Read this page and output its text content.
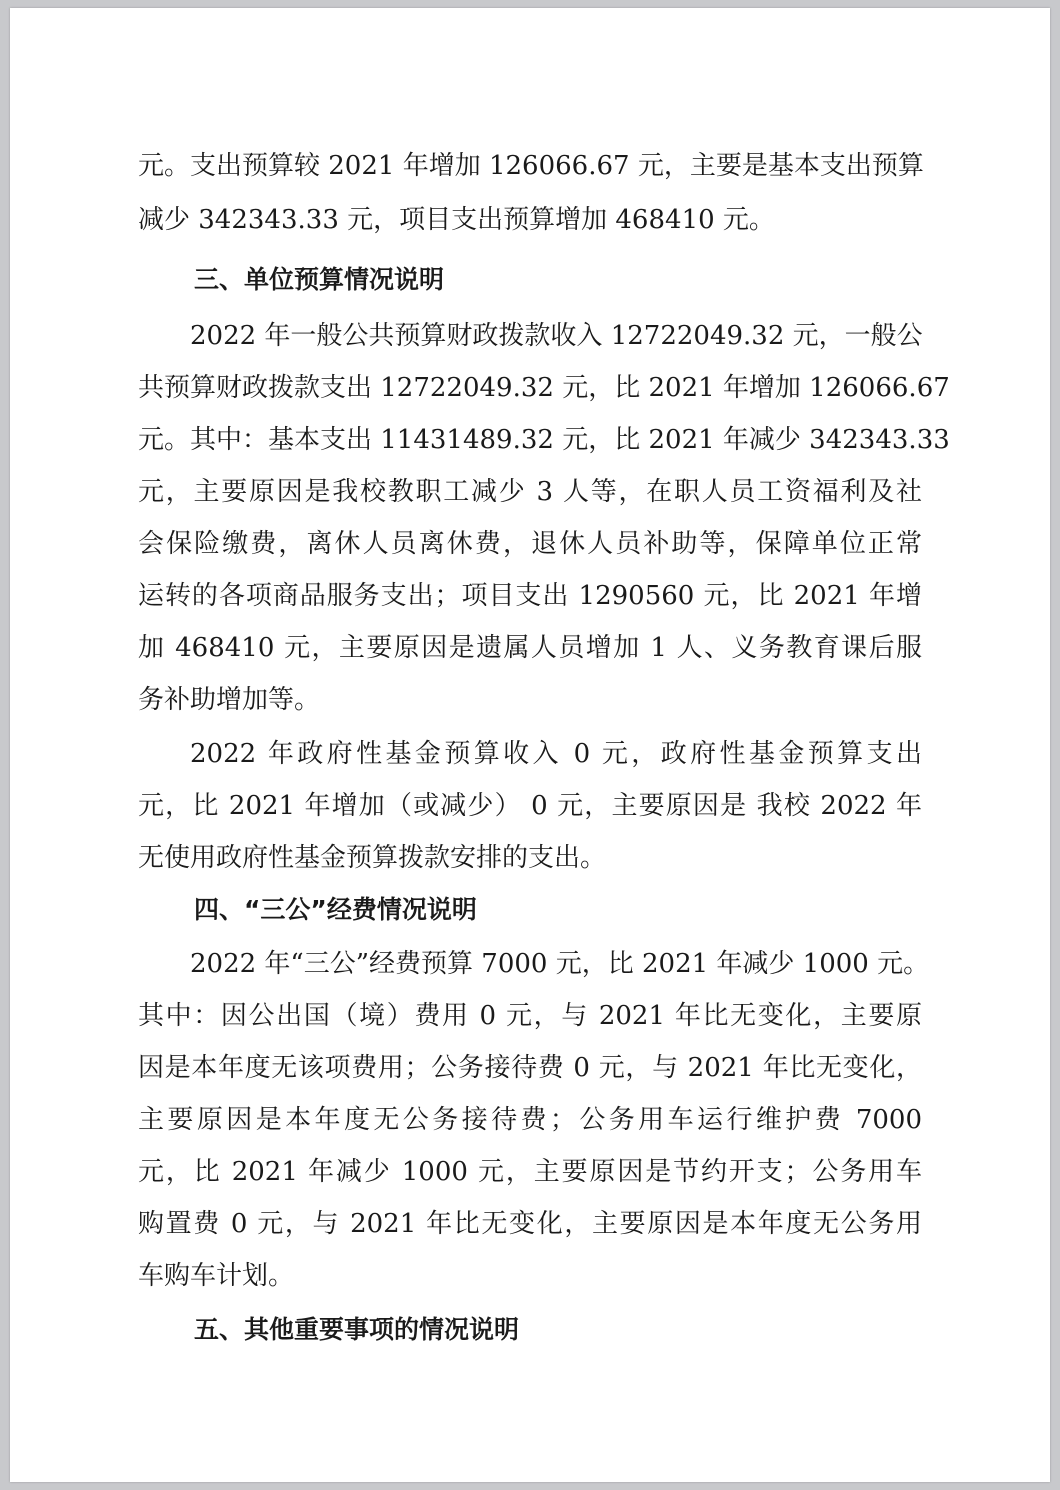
元。支出预算较 2021 年增加 126066.67 元，主要是基本支出预算
减少 342343.33 元，项目支出预算增加 468410 元。
三、单位预算情况说明
2022 年一般公共预算财政拨款收入 12722049.32 元，一般公
共预算财政拨款支出 12722049.32 元，比 2021 年增加 126066.67
元。其中：基本支出 11431489.32 元，比 2021 年减少 342343.33
元，主要原因是我校教职工减少 3 人等，在职人员工资福利及社
会保险缴费，离休人员离休费，退休人员补助等，保障单位正常
运转的各项商品服务支出；项目支出 1290560 元，比 2021 年增
加 468410 元，主要原因是遗属人员增加 1 人、义务教育课后服
务补助增加等。
2022 年政府性基金预算收入 0 元，政府性基金预算支出
元，比 2021 年增加（或减少） 0 元，主要原因是 我校 2022 年
无使用政府性基金预算拨款安排的支出。
四、“三公”经费情况说明
2022 年“三公”经费预算 7000 元，比 2021 年减少 1000 元。
其中：因公出国（境）费用 0 元，与 2021 年比无变化，主要原
因是本年度无该项费用；公务接待费 0 元，与 2021 年比无变化，
主要原因是本年度无公务接待费；公务用车运行维护费 7000
元，比 2021 年减少 1000 元，主要原因是节约开支；公务用车
购置费 0 元，与 2021 年比无变化，主要原因是本年度无公务用
车购车计划。
五、其他重要事项的情况说明
